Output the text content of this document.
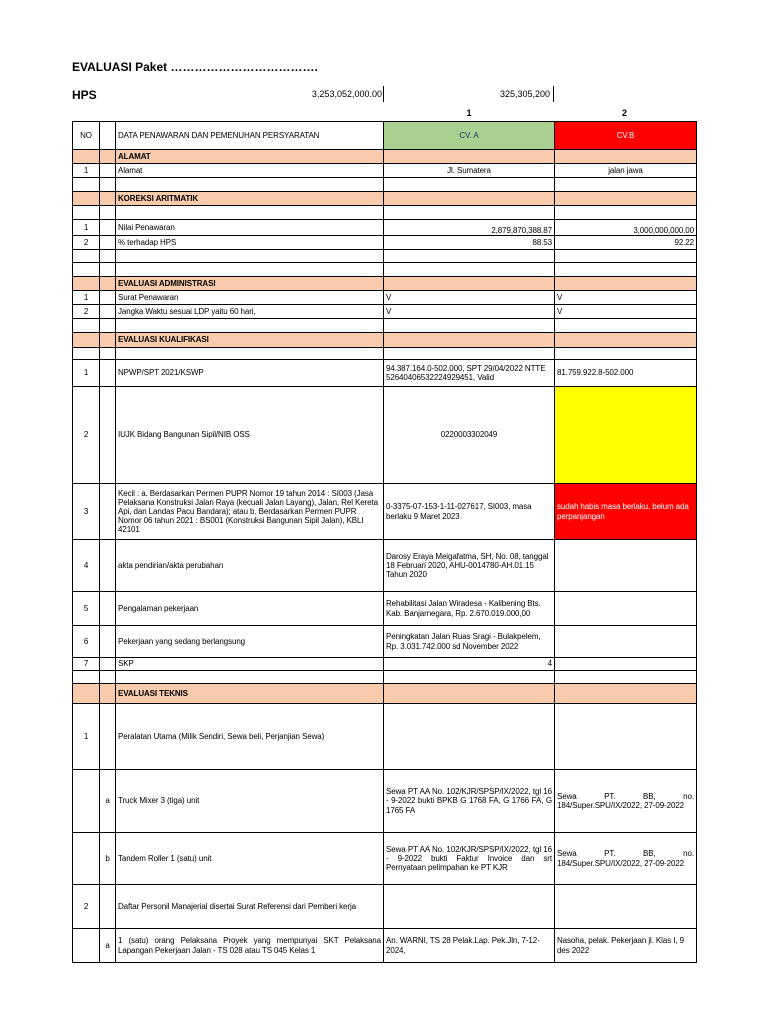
EVALUASI Paket ……………………………….
HPS	3,253,052,000.00	325,305,200
1	2
NO		DATA PENAWARAN DAN PEMENUHAN PERSYARATAN	CV. A	CV.B
		ALAMAT		
1		Alamat	Jl. Sumatera	jalan jawa

		KOREKSI ARITMATIK		

1		Nilai Penawaran	2,879,870,388.87	3,000,000,000.00
2		% terhadap HPS	88.53	92.22

		EVALUASI ADMINISTRASI		
1		Surat Penawaran	V	V
2		Jangka Waktu sesuai LDP yaitu 60 hari,	V	V

		EVALUASI KUALIFIKASI		

1		NPWP/SPT 2021/KSWP	94.387.164.0-502.000, SPT 29/04/2022 NTTE 52640406532224929451, Valid	81.759.922.8-502.000
2		IUJK Bidang Bangunan Sipil/NIB OSS	0220003302049	
3		Kecil : a. Berdasarkan Permen PUPR Nomor 19 tahun 2014 : SI003 (Jasa Pelaksana Konstruksi Jalan Raya (kecuali Jalan Layang), Jalan, Rel Kereta Api, dan Landas Pacu Bandara); atau b. Berdasarkan Permen PUPR Nomor 06 tahun 2021 : BS001 (Konstruksi Bangunan Sipil Jalan), KBLI 42101	0-3375-07-153-1-11-027617, SI003, masa berlaku 9 Maret 2023	sudah habis masa berlaku, belum ada perpanjangan
4		akta pendirian/akta perubahan	Darosy Eraya Meigafatma, SH, No. 08, tanggal 18 Februari 2020, AHU-0014780-AH.01.15 Tahun 2020	
5		Pengalaman pekerjaan	Rehabilitasi Jalan Wiradesa - Kalibening Bts. Kab. Banjarnegara, Rp. 2.670.019.000,00	
6		Pekerjaan yang sedang berlangsung	Peningkatan Jalan Ruas Sragi - Bulakpelem, Rp. 3.031.742.000 sd November 2022	
7		SKP	4	

		EVALUASI TEKNIS		
1		Peralatan Utama (Milik Sendiri, Sewa beli, Perjanjian Sewa)		
	a	Truck Mixer 3 (tiga) unit	Sewa PT AA No. 102/KJR/SPSP/IX/2022, tgl 16 - 9-2022 bukti BPKB G 1768 FA, G 1766 FA, G 1765 FA	Sewa PT. BB, no. 184/Super.SPU/IX/2022, 27-09-2022
	b	Tandem Roller 1 (satu) unit	Sewa PT AA No. 102/KJR/SPSP/IX/2022, tgl 16 - 9-2022 bukti Faktur Invoice dan srt Pernyataan pelimpahan ke PT KJR	Sewa PT. BB, no. 184/Super.SPU/IX/2022, 27-09-2022
2		Daftar Personil Manajerial disertai Surat Referensi dari Pemberi kerja		
	a	1 (satu) orang Pelaksana Proyek yang mempunyai SKT Pelaksana Lapangan Pekerjaan Jalan - TS 028 atau TS 045 Kelas 1	An. WARNI, TS 28 Pelak.Lap. Pek.Jln, 7-12-2024,	Nasoha, pelak. Pekerjaan jl. Klas I, 9 des 2022
